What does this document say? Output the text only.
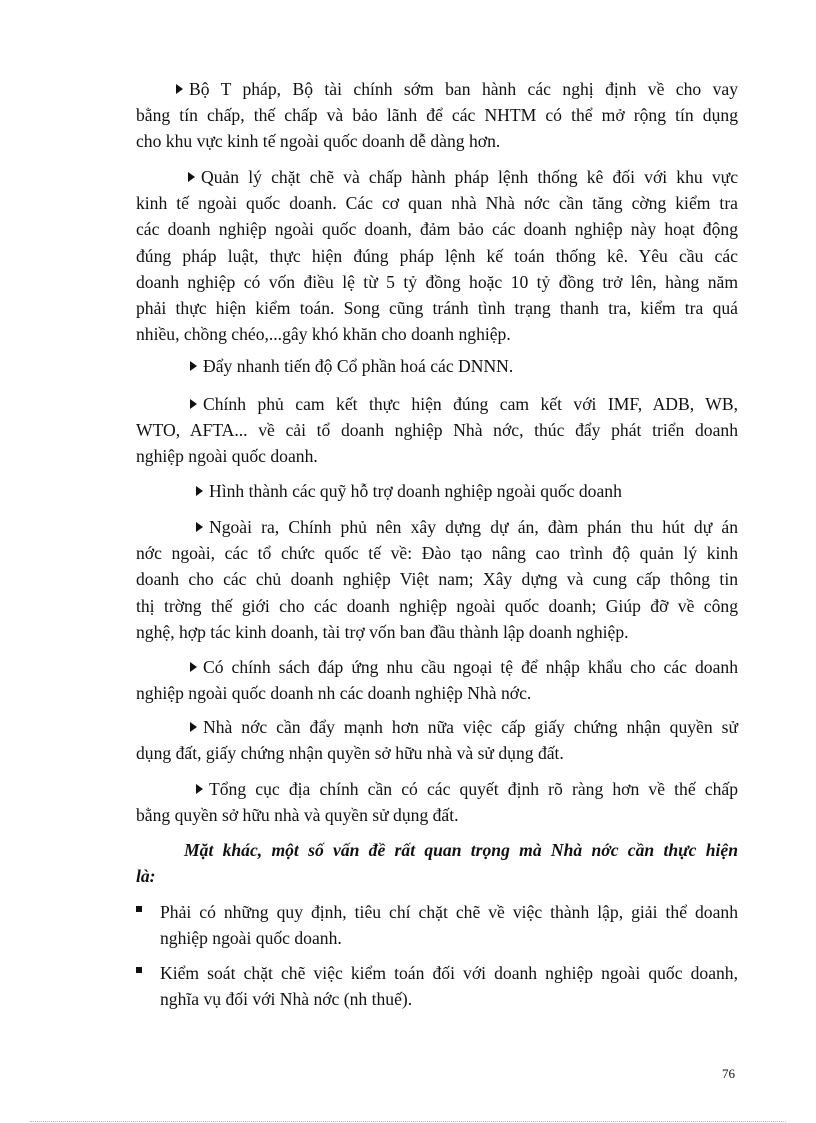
Bộ T pháp, Bộ tài chính sớm ban hành các nghị định về cho vay
bằng tín chấp, thế chấp và bảo lãnh để các NHTM có thể mở rộng tín dụng
cho khu vực kinh tế ngoài quốc doanh dễ dàng hơn.
Quản lý chặt chẽ và chấp hành pháp lệnh thống kê đối với khu vực
kinh tế ngoài quốc doanh. Các cơ quan nhà Nhà nớc cần tăng cờng kiểm tra
các doanh nghiệp ngoài quốc doanh, đảm bảo các doanh nghiệp này hoạt động
đúng pháp luật, thực hiện đúng pháp lệnh kế toán thống kê. Yêu cầu các
doanh nghiệp có vốn điều lệ từ 5 tỷ đồng hoặc 10 tỷ đồng trở lên, hàng năm
phải thực hiện kiểm toán. Song cũng tránh tình trạng thanh tra, kiểm tra quá
nhiều, chồng chéo,...gây khó khăn cho doanh nghiệp.
Đẩy nhanh tiến độ Cổ phần hoá các DNNN.
Chính phủ cam kết thực hiện đúng cam kết với IMF, ADB, WB,
WTO, AFTA... về cải tổ doanh nghiệp Nhà nớc, thúc đẩy phát triển doanh
nghiệp ngoài quốc doanh.
Hình thành các quỹ hỗ trợ doanh nghiệp ngoài quốc doanh
Ngoài ra, Chính phủ nên xây dựng dự án, đàm phán thu hút dự án
nớc ngoài, các tổ chức quốc tế về: Đào tạo nâng cao trình độ quản lý kinh
doanh cho các chủ doanh nghiệp Việt nam; Xây dựng và cung cấp thông tin
thị trờng thế giới cho các doanh nghiệp ngoài quốc doanh; Giúp đỡ về công
nghệ, hợp tác kinh doanh, tài trợ vốn ban đầu thành lập doanh nghiệp.
Có chính sách đáp ứng nhu cầu ngoại tệ để nhập khẩu cho các doanh
nghiệp ngoài quốc doanh nh các doanh nghiệp Nhà nớc.
Nhà nớc cần đẩy mạnh hơn nữa việc cấp giấy chứng nhận quyền sử
dụng đất, giấy chứng nhận quyền sở hữu nhà và sử dụng đất.
Tổng cục địa chính cần có các quyết định rõ ràng hơn về thế chấp
bằng quyền sở hữu nhà và quyền sử dụng đất.
Mặt khác, một số vấn đề rất quan trọng mà Nhà nớc cần thực hiện
là:
Phải có những quy định, tiêu chí chặt chẽ về việc thành lập, giải thể doanh
nghiệp ngoài quốc doanh.
Kiểm soát chặt chẽ việc kiểm toán đối với doanh nghiệp ngoài quốc doanh,
nghĩa vụ đối với Nhà nớc (nh thuế).
76
